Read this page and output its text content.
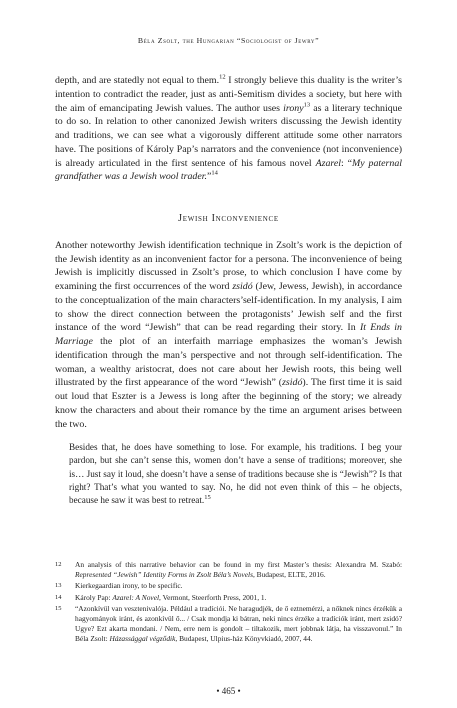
Béla Zsolt, the Hungarian “Sociologist of Jewry”

depth, and are statedly not equal to them.$^{12}$ I strongly believe this duality is the writer’s intention to contradict the reader, just as anti-Semitism divides a society, but here with the aim of emancipating Jewish values. The author uses irony$^{13}$ as a literary technique to do so. In relation to other canonized Jewish writers discussing the Jewish identity and traditions, we can see what a vigorously different attitude some other narrators have. The positions of Károly Pap’s narrators and the convenience (not inconvenience) is already articulated in the first sentence of his famous novel Azarel: “My paternal grandfather was a Jewish wool trader.”$^{14}$

Jewish Inconvenience

Another noteworthy Jewish identification technique in Zsolt’s work is the depiction of the Jewish identity as an inconvenient factor for a persona. The inconvenience of being Jewish is implicitly discussed in Zsolt’s prose, to which conclusion I have come by examining the first occurrences of the word zsidó (Jew, Jewess, Jewish), in accordance to the conceptualization of the main characters’self-identification. In my analysis, I aim to show the direct connection between the protagonists’ Jewish self and the first instance of the word “Jewish” that can be read regarding their story. In It Ends in Marriage the plot of an interfaith marriage emphasizes the woman’s Jewish identification through the man’s perspective and not through self-identification. The woman, a wealthy aristocrat, does not care about her Jewish roots, this being well illustrated by the first appearance of the word “Jewish” (zsidó). The first time it is said out loud that Eszter is a Jewess is long after the beginning of the story; we already know the characters and about their romance by the time an argument arises between the two.

Besides that, he does have something to lose. For example, his traditions. I beg your pardon, but she can’t sense this, women don’t have a sense of traditions; moreover, she is… Just say it loud, she doesn’t have a sense of traditions because she is “Jewish”? Is that right? That’s what you wanted to say. No, he did not even think of this – he objects, because he saw it was best to retreat.$^{15}$
12	An analysis of this narrative behavior can be found in my first Master’s thesis: Alexandra M. Szabó: Represented “Jewish” Identity Forms in Zsolt Béla’s Novels, Budapest, ELTE, 2016.
13	Kierkegaardian irony, to be specific.
14	Károly Pap: Azarel: A Novel, Vermont, Steerforth Press, 2001, 1.
15	“Azonkívül van vesztenivalója. Például a tradíciói. Ne haragudjék, de ő eztnemérzi, a nőknek nincs érzékük a hagyományok iránt, és azonkívül ő... / Csak mondja ki bátran, neki nincs érzéke a tradíciók iránt, mert zsidó? Ugye? Ezt akarta mondani. / Nem, erre nem is gondolt – tiltakozik, mert jobbnak látja, ha visszavonul.” In Béla Zsolt: Házassággal végződik, Budapest, Ulpius-ház Könyvkiadó, 2007, 44.
• 465 •
